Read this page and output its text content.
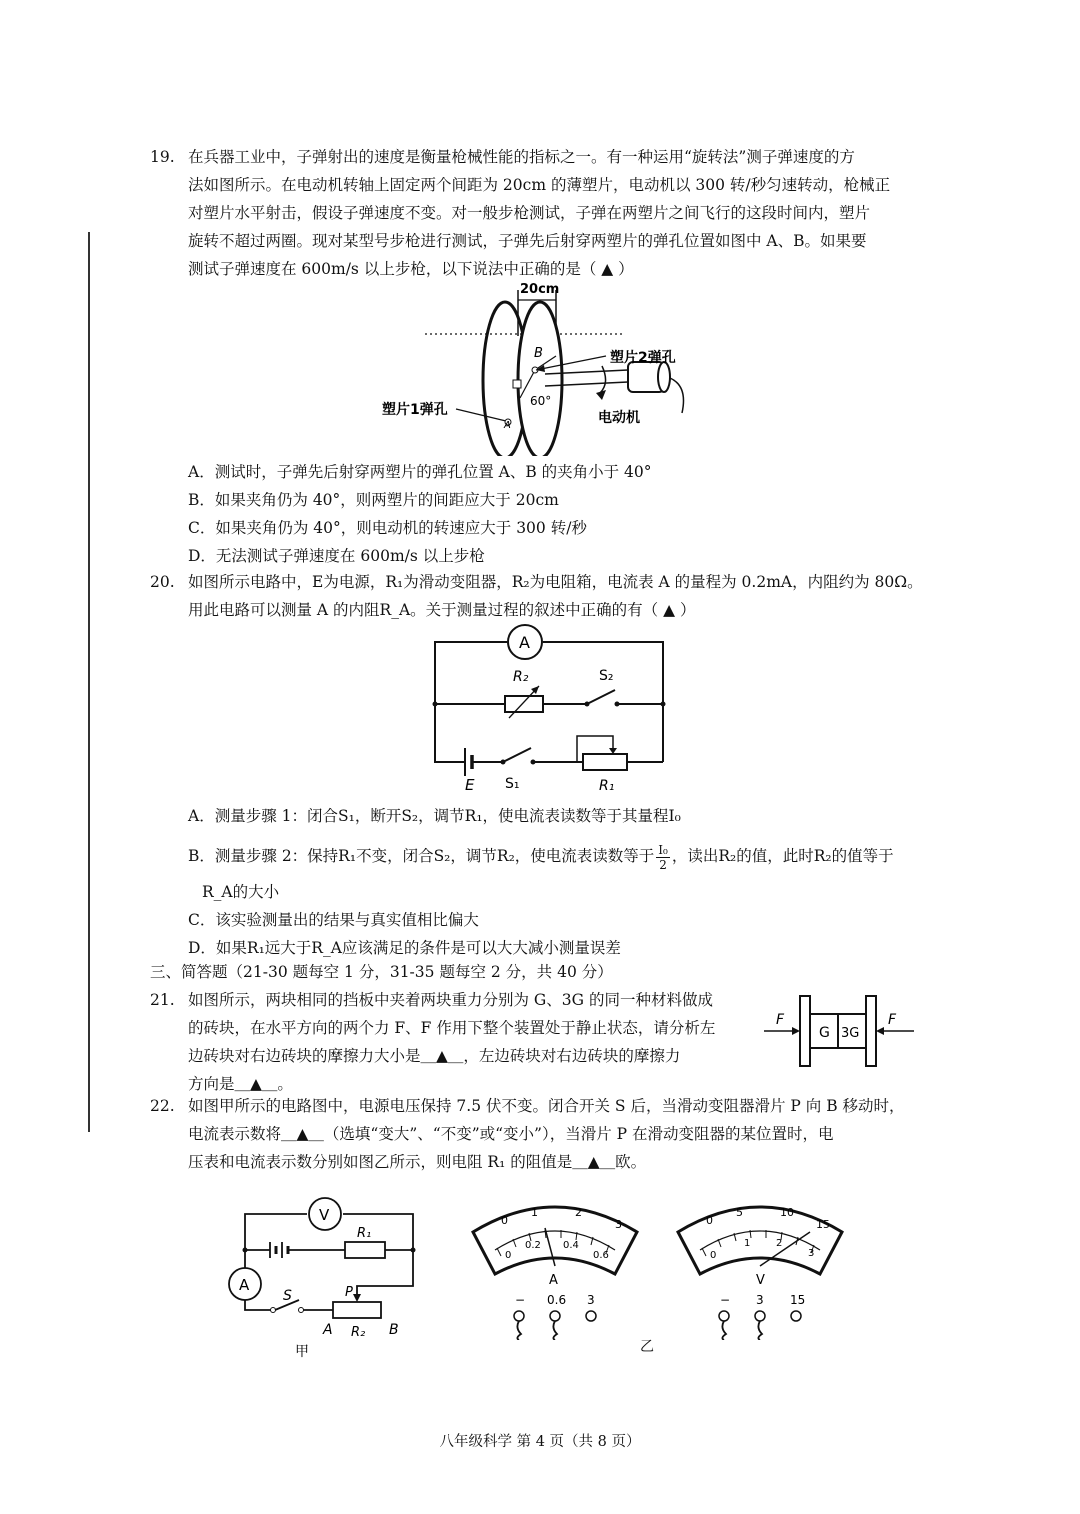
19. 在兵器工业中，子弹射出的速度是衡量枪械性能的指标之一。有一种运用“旋转法”测子弹速度的方
法如图所示。在电动机转轴上固定两个间距为 20cm 的薄塑片，电动机以 300 转/秒匀速转动，枪械正
对塑片水平射击，假设子弹速度不变。对一般步枪测试，子弹在两塑片之间飞行的这段时间内，塑片
旋转不超过两圈。现对某型号步枪进行测试，子弹先后射穿两塑片的弹孔位置如图中 A、B。如果要
测试子弹速度在 600m/s 以上步枪，以下说法中正确的是（ ▲ ）
20cm
B
60°
塑片2弹孔
电动机
塑片1弹孔
A
A．测试时，子弹先后射穿两塑片的弹孔位置 A、B 的夹角小于 40°
B．如果夹角仍为 40°，则两塑片的间距应大于 20cm
C．如果夹角仍为 40°，则电动机的转速应大于 300 转/秒
D．无法测试子弹速度在 600m/s 以上步枪
20. 如图所示电路中，E为电源，R₁为滑动变阻器，R₂为电阻箱，电流表 A 的量程为 0.2mA，内阻约为 80Ω。
用此电路可以测量 A 的内阻R_A。关于测量过程的叙述中正确的有（ ▲ ）
A
R₂	S₂
E S₁	R₁
A．测量步骤 1：闭合S₁，断开S₂，调节R₁，使电流表读数等于其量程I₀
B．测量步骤 2：保持R₁不变，闭合S₂，调节R₂，使电流表读数等于 $\frac{\text{I₀}}{2}$ ，读出R₂的值，此时R₂的值等于
R_A的大小
C．该实验测量出的结果与真实值相比偏大
D．如果R₁远大于R_A应该满足的条件是可以大大减小测量误差
三、简答题（21-30 题每空 1 分，31-35 题每空 2 分，共 40 分）
21. 如图所示，两块相同的挡板中夹着两块重力分别为 G、3G 的同一种材料做成
的砖块，在水平方向的两个力 F、F 作用下整个装置处于静止状态，请分析左
边砖块对右边砖块的摩擦力大小是＿▲＿，左边砖块对右边砖块的摩擦力
方向是＿▲＿。
G 3G
F	F
22. 如图甲所示的电路图中，电源电压保持 7.5 伏不变。闭合开关 S 后，当滑动变阻器滑片 P 向 B 移动时，
电流表示数将＿▲＿（选填“变大”、“不变”或“变小”），当滑片 P 在滑动变阻器的某位置时，电
压表和电流表示数分别如图乙所示，则电阻 R₁ 的阻值是＿▲＿欧。
V
R₁
A
S	P
A R₂ B
甲
0
1	2
3
0
0.2 0.4
0.6
A
− 0.6 3
0
5	10
15
0
1	2
3
V
− 3 15
乙
八年级科学 第 4 页（共 8 页）
